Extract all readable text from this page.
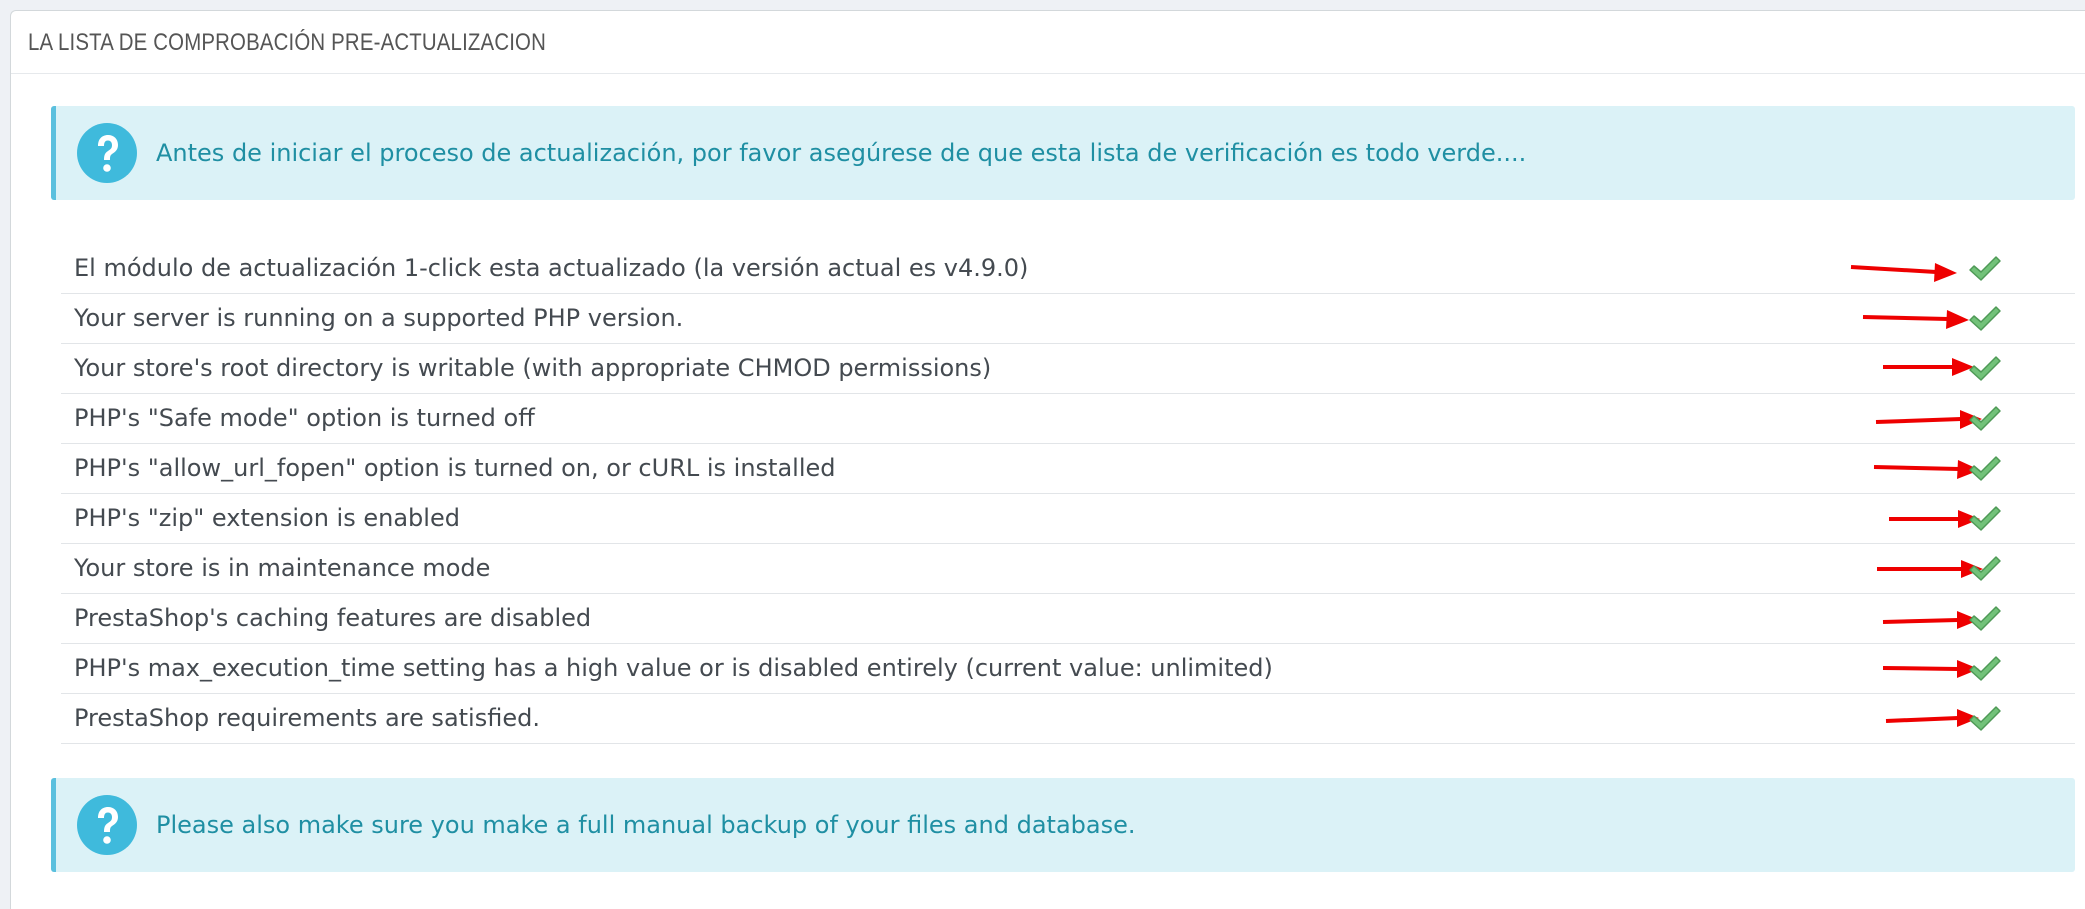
LA LISTA DE COMPROBACIÓN PRE-ACTUALIZACION
Antes de iniciar el proceso de actualización, por favor asegúrese de que esta lista de verificación es todo verde....
El módulo de actualización 1-click esta actualizado (la versión actual es v4.9.0)
Your server is running on a supported PHP version.
Your store's root directory is writable (with appropriate CHMOD permissions)
PHP's "Safe mode" option is turned off
PHP's "allow_url_fopen" option is turned on, or cURL is installed
PHP's "zip" extension is enabled
Your store is in maintenance mode
PrestaShop's caching features are disabled
PHP's max_execution_time setting has a high value or is disabled entirely (current value: unlimited)
PrestaShop requirements are satisfied.
Please also make sure you make a full manual backup of your files and database.
